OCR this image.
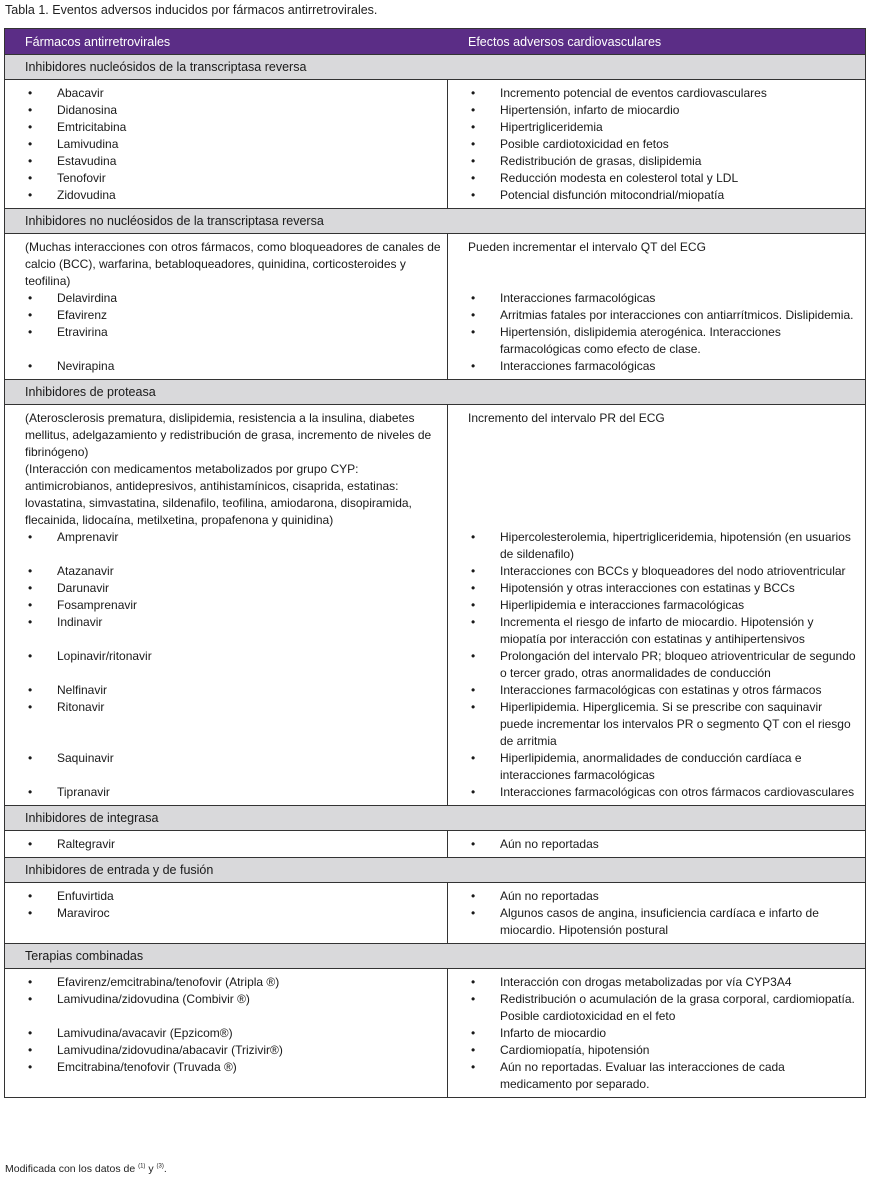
Tabla 1. Eventos adversos inducidos por fármacos antirretrovirales.
Fármacos antirretrovirales	Efectos adversos cardiovasculares
Inhibidores nucleósidos de la transcriptasa reversa
• Abacavir
• Didanosina
• Emtricitabina
• Lamivudina
• Estavudina
• Tenofovir
• Zidovudina
• Incremento potencial de eventos cardiovasculares
• Hipertensión, infarto de miocardio
• Hipertrigliceridemia
• Posible cardiotoxicidad en fetos
• Redistribución de grasas, dislipidemia
• Reducción modesta en colesterol total y LDL
• Potencial disfunción mitocondrial/miopatía
Inhibidores no nucléosidos de la transcriptasa reversa
(Muchas interacciones con otros fármacos, como bloqueadores de canales de calcio (BCC), warfarina, betabloqueadores, quinidina, corticosteroides y teofilina)
• Delavirdina
• Efavirenz
• Etravirina
• Nevirapina
Pueden incrementar el intervalo QT del ECG
• Interacciones farmacológicas
• Arritmias fatales por interacciones con antiarrítmicos. Dislipidemia.
• Hipertensión, dislipidemia aterogénica. Interacciones farmacológicas como efecto de clase.
• Interacciones farmacológicas
Inhibidores de proteasa
(Aterosclerosis prematura, dislipidemia, resistencia a la insulina, diabetes mellitus, adelgazamiento y redistribución de grasa, incremento de niveles de fibrinógeno)
(Interacción con medicamentos metabolizados por grupo CYP: antimicrobianos, antidepresivos, antihistamínicos, cisaprida, estatinas: lovastatina, simvastatina, sildenafilo, teofilina, amiodarona, disopiramida, flecainida, lidocaína, metilxetina, propafenona y quinidina)
• Amprenavir
• Atazanavir
• Darunavir
• Fosamprenavir
• Indinavir
• Lopinavir/ritonavir
• Nelfinavir
• Ritonavir
• Saquinavir
• Tipranavir
Incremento del intervalo PR del ECG
• Hipercolesterolemia, hipertrigliceridemia, hipotensión (en usuarios de sildenafilo)
• Interacciones con BCCs y bloqueadores del nodo atrioventricular
• Hipotensión y otras interacciones con estatinas y BCCs
• Hiperlipidemia e interacciones farmacológicas
• Incrementa el riesgo de infarto de miocardio. Hipotensión y miopatía por interacción con estatinas y antihipertensivos
• Prolongación del intervalo PR; bloqueo atrioventricular de segundo o tercer grado, otras anormalidades de conducción
• Interacciones farmacológicas con estatinas y otros fármacos
• Hiperlipidemia. Hiperglicemia. Si se prescribe con saquinavir puede incrementar los intervalos PR o segmento QT con el riesgo de arritmia
• Hiperlipidemia, anormalidades de conducción cardíaca e interacciones farmacológicas
• Interacciones farmacológicas con otros fármacos cardiovasculares
Inhibidores de integrasa
• Raltegravir	• Aún no reportadas
Inhibidores de entrada y de fusión
• Enfuvirtida
• Maraviroc
• Aún no reportadas
• Algunos casos de angina, insuficiencia cardíaca e infarto de miocardio. Hipotensión postural
Terapias combinadas
• Efavirenz/emcitrabina/tenofovir (Atripla ®)
• Lamivudina/zidovudina (Combivir ®)
• Lamivudina/avacavir (Epzicom®)
• Lamivudina/zidovudina/abacavir (Trizivir®)
• Emcitrabina/tenofovir (Truvada ®)
• Interacción con drogas metabolizadas por vía CYP3A4
• Redistribución o acumulación de la grasa corporal, cardiomiopatía. Posible cardiotoxicidad en el feto
• Infarto de miocardio
• Cardiomiopatía, hipotensión
• Aún no reportadas. Evaluar las interacciones de cada medicamento por separado.
Modificada con los datos de $^{(1)}$ y $^{(3)}$.
